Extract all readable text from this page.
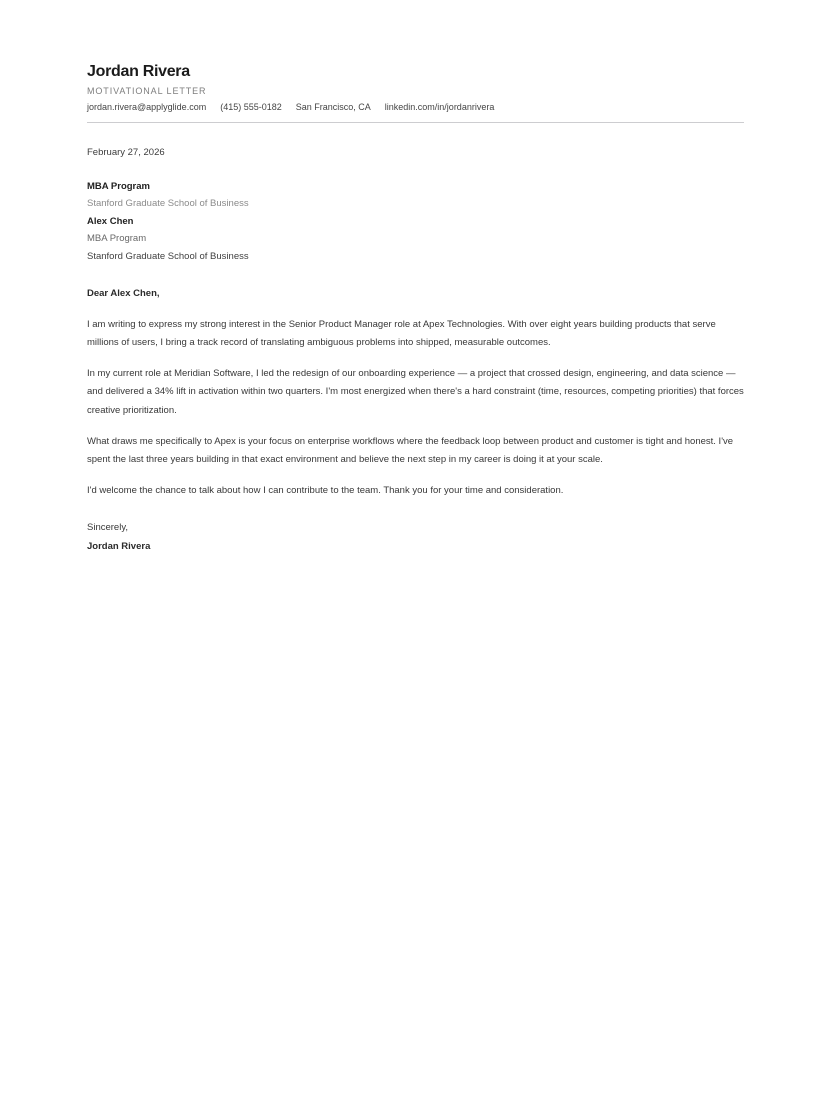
Jordan Rivera
MOTIVATIONAL LETTER
jordan.rivera@applyglide.com (415) 555-0182 San Francisco, CA linkedin.com/in/jordanrivera
February 27, 2026
MBA Program
Stanford Graduate School of Business
Alex Chen
MBA Program
Stanford Graduate School of Business

Dear Alex Chen,

I am writing to express my strong interest in the Senior Product Manager role at Apex Technologies. With over eight years building products that serve millions of users, I bring a track record of translating ambiguous problems into shipped, measurable outcomes.

In my current role at Meridian Software, I led the redesign of our onboarding experience — a project that crossed design, engineering, and data science — and delivered a 34% lift in activation within two quarters. I'm most energized when there's a hard constraint (time, resources, competing priorities) that forces creative prioritization.

What draws me specifically to Apex is your focus on enterprise workflows where the feedback loop between product and customer is tight and honest. I've spent the last three years building in that exact environment and believe the next step in my career is doing it at your scale.

I'd welcome the chance to talk about how I can contribute to the team. Thank you for your time and consideration.

Sincerely,

Jordan Rivera
